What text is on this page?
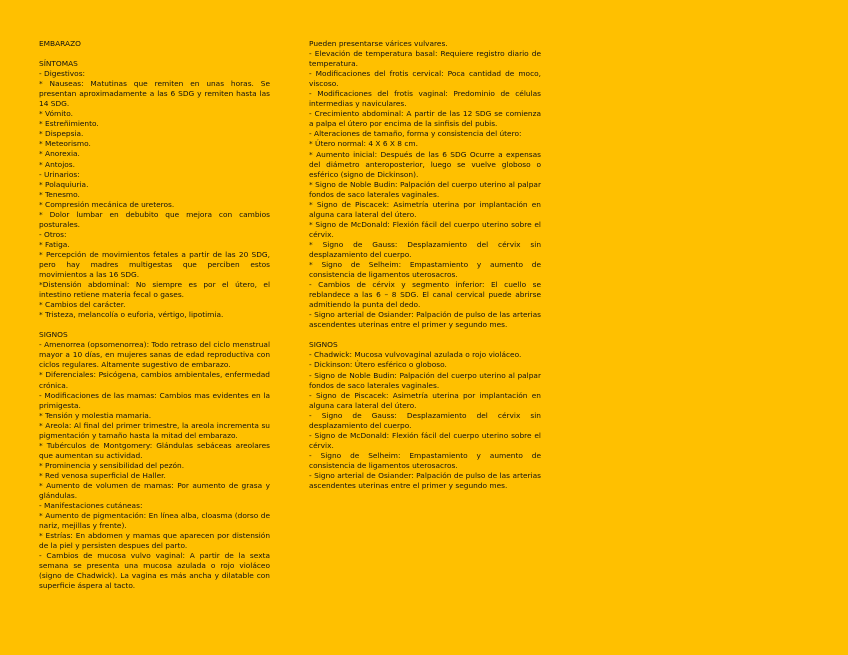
EMBARAZO
SÍNTOMAS
- Digestivos:
* Nauseas: Matutinas que remiten en unas horas. Se presentan aproximadamente a las 6 SDG y remiten hasta las 14 SDG.
* Vómito.
* Estreñimiento.
* Dispepsia.
* Meteorismo.
* Anorexia.
* Antojos.
- Urinarios:
* Polaquiuria.
* Tenesmo.
* Compresión mecánica de ureteros.
* Dolor lumbar en debubito que mejora con cambios posturales.
- Otros:
* Fatiga.
* Percepción de movimientos fetales a partir de las 20 SDG, pero hay madres multigestas que perciben estos movimientos a las 16 SDG.
*Distensión abdominal: No siempre es por el útero, el intestino retiene materia fecal o gases.
* Cambios del carácter.
* Tristeza, melancolía o euforia, vértigo, lipotimia.
SIGNOS
- Amenorrea (opsomenorrea): Todo retraso del ciclo menstrual mayor a 10 días, en mujeres sanas de edad reproductiva con ciclos regulares. Altamente sugestivo de embarazo.
* Diferenciales: Psicógena, cambios ambientales, enfermedad crónica.
- Modificaciones de las mamas: Cambios mas evidentes en la primigesta.
* Tensión y molestia mamaria.
* Areola: Al final del primer trimestre, la areola incrementa su pigmentación y tamaño hasta la mitad del embarazo.
* Tubérculos de Montgomery: Glándulas sebáceas areolares que aumentan su actividad.
* Prominencia y sensibilidad del pezón.
* Red venosa superficial de Haller.
* Aumento de volumen de mamas: Por aumento de grasa y glándulas.
- Manifestaciones cutáneas:
* Aumento de pigmentación: En línea alba, cloasma (dorso de nariz, mejillas y frente).
* Estrías: En abdomen y mamas que aparecen por distensión de la piel y persisten despues del parto.
- Cambios de mucosa vulvo vaginal: A partir de la sexta semana se presenta una mucosa azulada o rojo violáceo (signo de Chadwick). La vagina es más ancha y dilatable con superficie áspera al tacto.
Pueden presentarse várices vulvares.
- Elevación de temperatura basal: Requiere registro diario de temperatura.
- Modificaciones del frotis cervical: Poca cantidad de moco, viscoso.
- Modificaciones del frotis vaginal: Predominio de células intermedias y naviculares.
- Crecimiento abdominal: A partir de las 12 SDG se comienza a palpa el útero por encima de la sinfisis del pubis.
- Alteraciones de tamaño, forma y consistencia del útero:
* Útero normal: 4 X 6 X 8 cm.
* Aumento inicial: Después de las 6 SDG Ocurre a expensas del diámetro anteroposterior, luego se vuelve globoso o esférico (signo de Dickinson).
* Signo de Noble Budin: Palpación del cuerpo uterino al palpar fondos de saco laterales vaginales.
* Signo de Piscacek: Asimetría uterina por implantación en alguna cara lateral del útero.
* Signo de McDonald: Flexión fácil del cuerpo uterino sobre el cérvix.
* Signo de Gauss: Desplazamiento del cérvix sin desplazamiento del cuerpo.
* Signo de Selheim: Empastamiento y aumento de consistencia de ligamentos uterosacros.
- Cambios de cérvix y segmento inferior: El cuello se reblandece a las 6 – 8 SDG. El canal cervical puede abrirse admitiendo la punta del dedo.
- Signo arterial de Osiander: Palpación de pulso de las arterias ascendentes uterinas entre el primer y segundo mes.
SIGNOS
- Chadwick: Mucosa vulvovaginal azulada o rojo violáceo.
- Dickinson: Útero esférico o globoso.
- Signo de Noble Budin: Palpación del cuerpo uterino al palpar fondos de saco laterales vaginales.
- Signo de Piscacek: Asimetría uterina por implantación en alguna cara lateral del útero.
- Signo de Gauss: Desplazamiento del cérvix sin desplazamiento del cuerpo.
- Signo de McDonald: Flexión fácil del cuerpo uterino sobre el cérvix.
- Signo de Selheim: Empastamiento y aumento de consistencia de ligamentos uterosacros.
- Signo arterial de Osiander: Palpación de pulso de las arterias ascendentes uterinas entre el primer y segundo mes.
